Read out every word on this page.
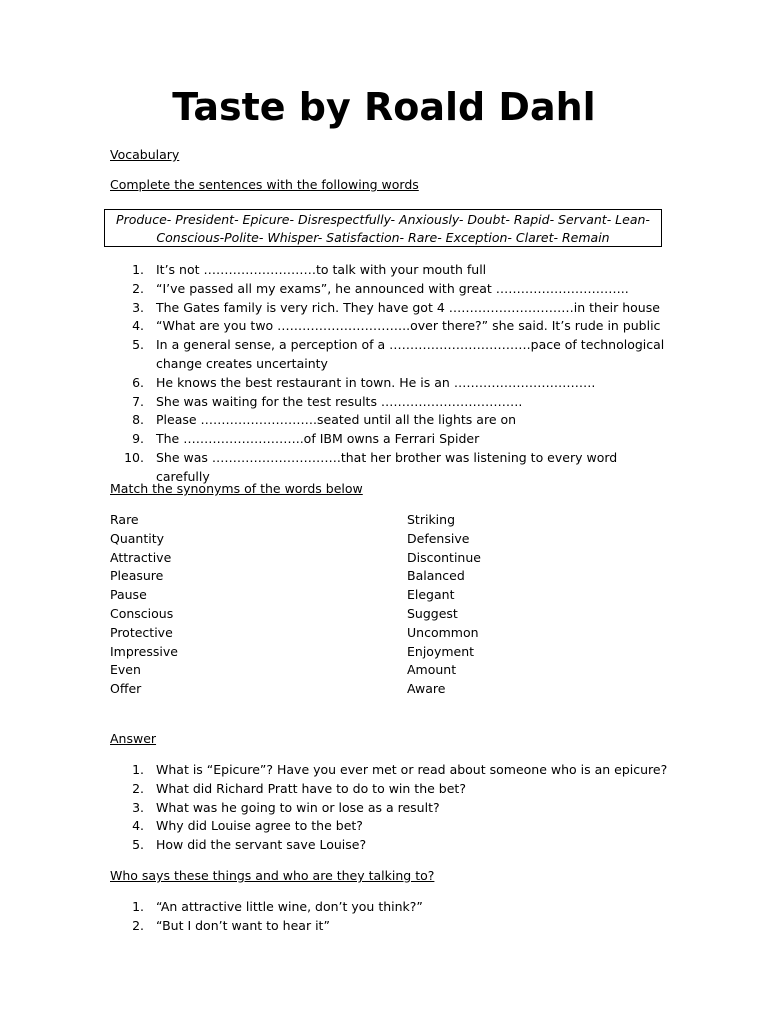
Taste by Roald Dahl
Vocabulary
Complete the sentences with the following words
Produce- President- Epicure- Disrespectfully- Anxiously- Doubt- Rapid- Servant- Lean-
Conscious-Polite- Whisper- Satisfaction- Rare- Exception- Claret- Remain
1. It’s not ………………………to talk with your mouth full
2. “I’ve passed all my exams”, he announced with great …………………………..
3. The Gates family is very rich. They have got 4 …………………………in their house
4. “What are you two …………………………..over there?” she said. It’s rude in public
5. In a general sense, a perception of a …………………………….pace of technological change creates uncertainty
6. He knows the best restaurant in town. He is an …………………………….
7. She was waiting for the test results …………………………….
8. Please ……………………….seated until all the lights are on
9. The ………………………..of IBM owns a Ferrari Spider
10. She was ………………………….that her brother was listening to every word carefully
Match the synonyms of the words below
Rare
Quantity
Attractive
Pleasure
Pause
Conscious
Protective
Impressive
Even
Offer
Striking
Defensive
Discontinue
Balanced
Elegant
Suggest
Uncommon
Enjoyment
Amount
Aware
Answer
1. What is “Epicure”? Have you ever met or read about someone who is an epicure?
2. What did Richard Pratt have to do to win the bet?
3. What was he going to win or lose as a result?
4. Why did Louise agree to the bet?
5. How did the servant save Louise?
Who says these things and who are they talking to?
1. “An attractive little wine, don’t you think?”
2. “But I don’t want to hear it”
